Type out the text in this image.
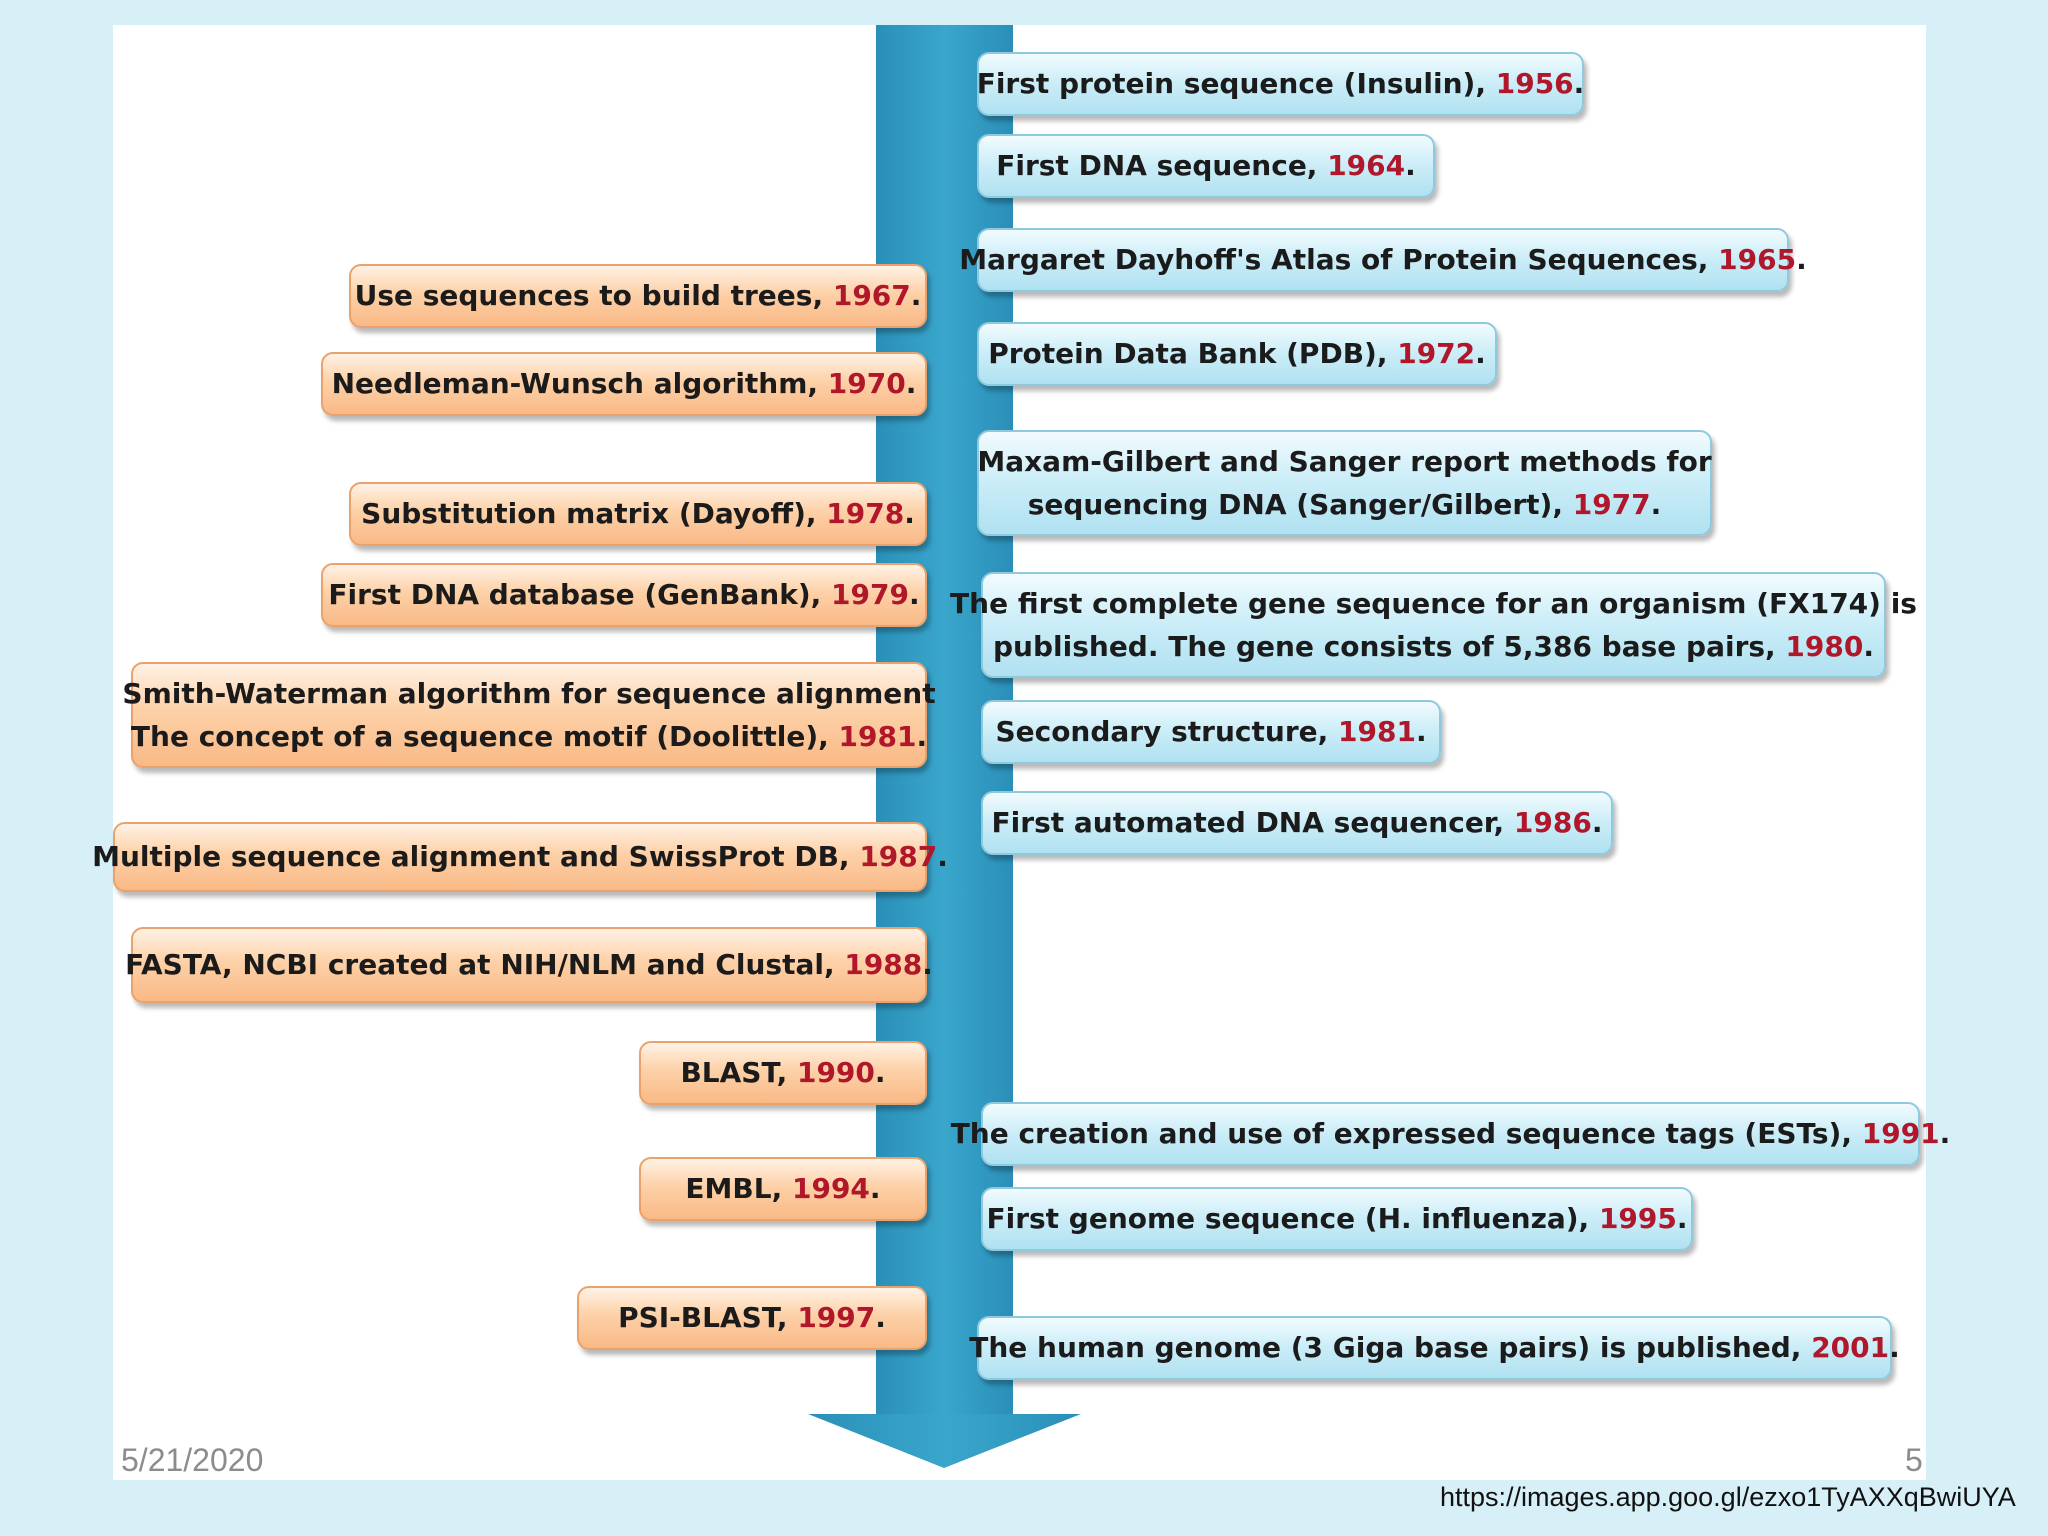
First protein sequence (Insulin), 1956.
First DNA sequence, 1964.
Margaret Dayhoff's Atlas of Protein Sequences, 1965.
Protein Data Bank (PDB), 1972.
Maxam-Gilbert and Sanger report methods for
sequencing DNA (Sanger/Gilbert), 1977.
The first complete gene sequence for an organism (FX174) is
published. The gene consists of 5,386 base pairs, 1980.
Secondary structure, 1981.
First automated DNA sequencer, 1986.
The creation and use of expressed sequence tags (ESTs), 1991.
First genome sequence (H. influenza), 1995.
The human genome (3 Giga base pairs) is published, 2001.
Use sequences to build trees, 1967.
Needleman-Wunsch algorithm, 1970.
Substitution matrix (Dayoff), 1978.
First DNA database (GenBank), 1979.
Smith-Waterman algorithm for sequence alignment
The concept of a sequence motif (Doolittle), 1981.
Multiple sequence alignment and SwissProt DB, 1987.
FASTA, NCBI created at NIH/NLM and Clustal, 1988.
BLAST, 1990.
EMBL, 1994.
PSI-BLAST, 1997.
5/21/2020	5
https://images.app.goo.gl/ezxo1TyAXXqBwiUYA
